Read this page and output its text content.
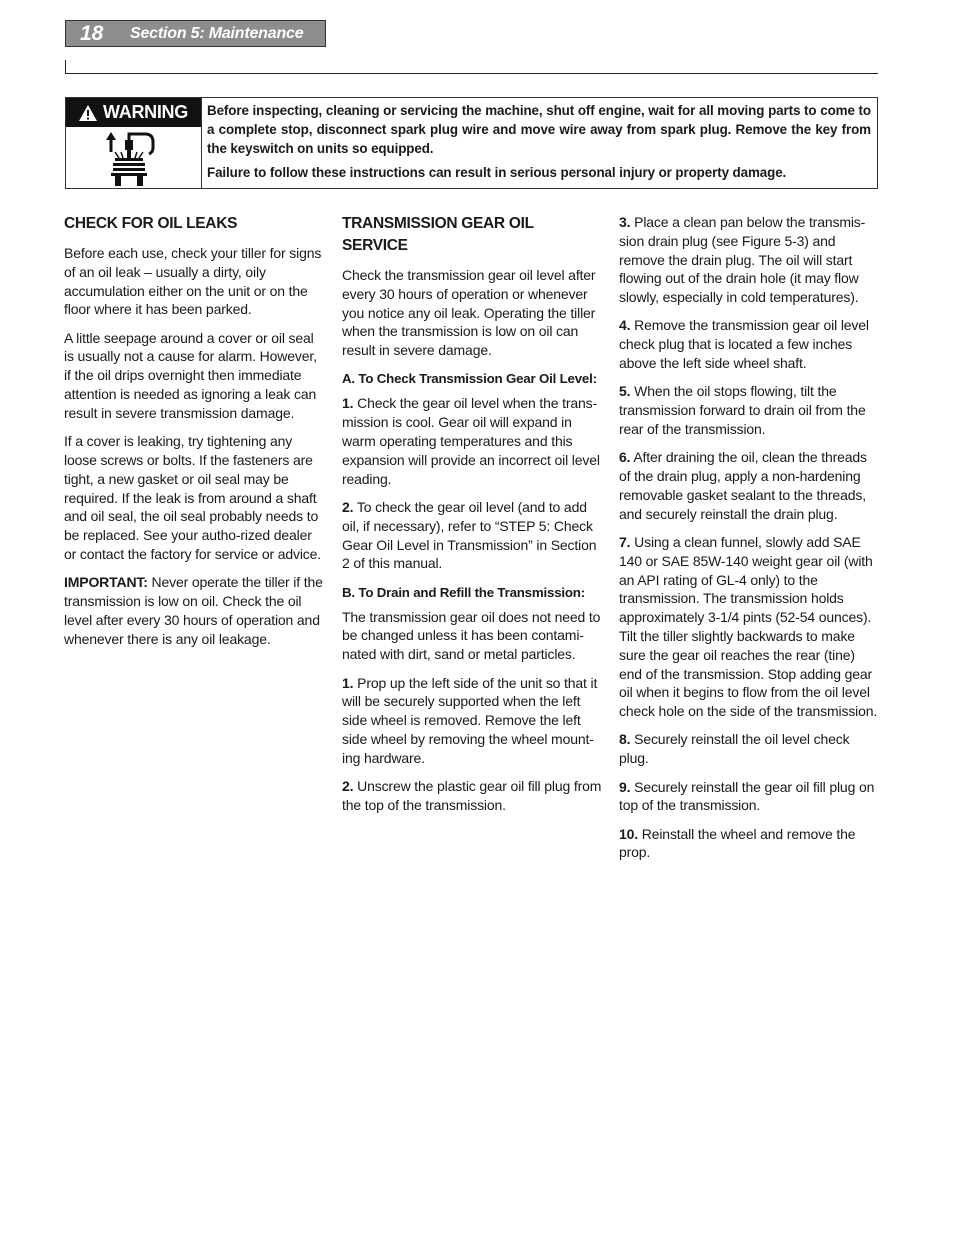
18	Section 5: Maintenance
WARNING Before inspecting, cleaning or servicing the machine, shut off engine, wait for all moving parts to come to a complete stop, disconnect spark plug wire and move wire away from spark plug. Remove the key from the keyswitch on units so equipped.

Failure to follow these instructions can result in serious personal injury or property damage.

CHECK FOR OIL LEAKS

Before each use, check your tiller for signs of an oil leak – usually a dirty, oily accumulation either on the unit or on the floor where it has been parked.

A little seepage around a cover or oil seal is usually not a cause for alarm. However, if the oil drips overnight then immediate attention is needed as ignoring a leak can result in severe transmission damage.

If a cover is leaking, try tightening any loose screws or bolts. If the fasteners are tight, a new gasket or oil seal may be required. If the leak is from around a shaft and oil seal, the oil seal probably needs to be replaced. See your autho-rized dealer or contact the factory for service or advice.

IMPORTANT: Never operate the tiller if the transmission is low on oil. Check the oil level after every 30 hours of operation and whenever there is any oil leakage.

TRANSMISSION GEAR OIL SERVICE

Check the transmission gear oil level after every 30 hours of operation or whenever you notice any oil leak. Operating the tiller when the transmission is low on oil can result in severe damage.

A. To Check Transmission Gear Oil Level:

1. Check the gear oil level when the trans-mission is cool. Gear oil will expand in warm operating temperatures and this expansion will provide an incorrect oil level reading.

2. To check the gear oil level (and to add oil, if necessary), refer to “STEP 5: Check Gear Oil Level in Transmission” in Section 2 of this manual.

B. To Drain and Refill the Transmission:

The transmission gear oil does not need to be changed unless it has been contami-nated with dirt, sand or metal particles.

1. Prop up the left side of the unit so that it will be securely supported when the left side wheel is removed. Remove the left side wheel by removing the wheel mount-ing hardware.

2. Unscrew the plastic gear oil fill plug from the top of the transmission.

3. Place a clean pan below the transmis-sion drain plug (see Figure 5-3) and remove the drain plug. The oil will start flowing out of the drain hole (it may flow slowly, especially in cold temperatures).

4. Remove the transmission gear oil level check plug that is located a few inches above the left side wheel shaft.

5. When the oil stops flowing, tilt the transmission forward to drain oil from the rear of the transmission.

6. After draining the oil, clean the threads of the drain plug, apply a non-hardening removable gasket sealant to the threads, and securely reinstall the drain plug.

7. Using a clean funnel, slowly add SAE 140 or SAE 85W-140 weight gear oil (with an API rating of GL-4 only) to the transmission. The transmission holds approximately 3-1/4 pints (52-54 ounces). Tilt the tiller slightly backwards to make sure the gear oil reaches the rear (tine) end of the transmission. Stop adding gear oil when it begins to flow from the oil level check hole on the side of the transmission.

8. Securely reinstall the oil level check plug.

9. Securely reinstall the gear oil fill plug on top of the transmission.

10. Reinstall the wheel and remove the prop.
